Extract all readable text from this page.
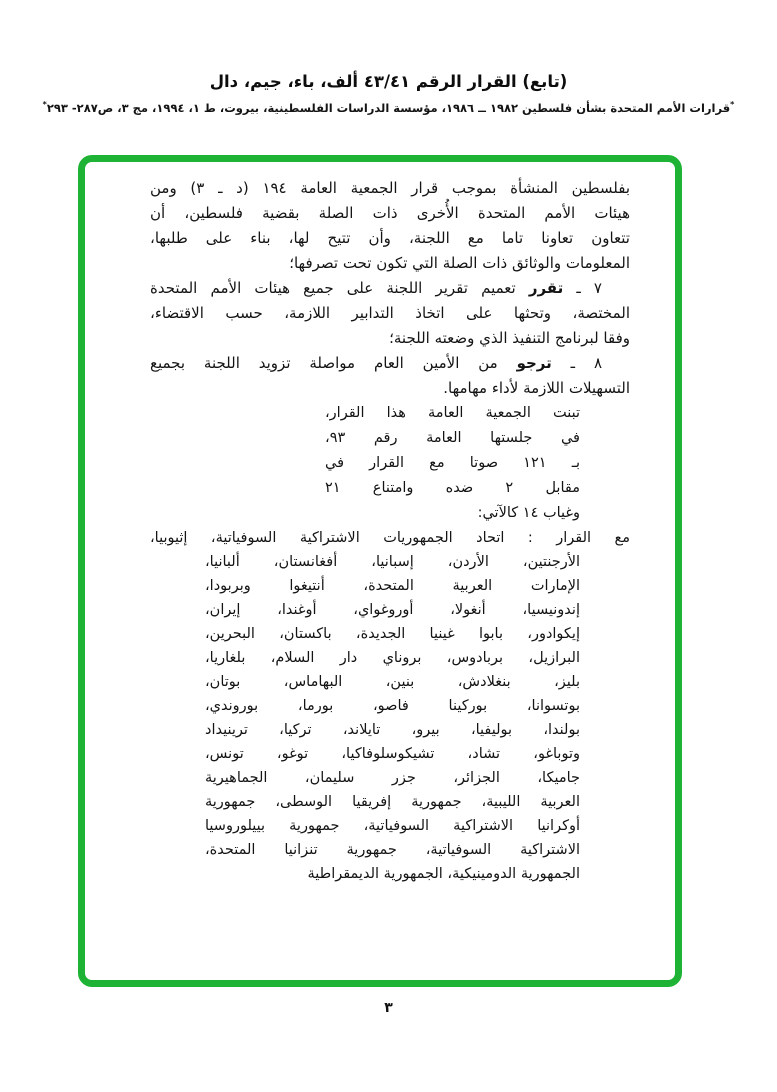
(تابع) القرار الرقم ٤٣/٤١ ألف، باء، جيم، دال
*قرارات الأمم المتحدة بشأن فلسطين ١٩٨٢ ــ ١٩٨٦، مؤسسة الدراسات الفلسطينية، بيروت، ط ١، ١٩٩٤، مج ٣، ص٢٨٧- ٢٩٣*
بفلسطين المنشأة بموجب قرار الجمعية العامة ١٩٤ (د ـ ٣) ومن
هيئات الأمم المتحدة الأُخرى ذات الصلة بقضية فلسطين، أن
تتعاون تعاونا تاما مع اللجنة، وأن تتيح لها، بناء على طلبها،
المعلومات والوثائق ذات الصلة التي تكون تحت تصرفها؛
٧ ـ تقرر تعميم تقرير اللجنة على جميع هيئات الأمم المتحدة
المختصة، وتحثها على اتخاذ التدابير اللازمة، حسب الاقتضاء،
وفقا لبرنامج التنفيذ الذي وضعته اللجنة؛
٨ ـ ترجو من الأمين العام مواصلة تزويد اللجنة بجميع
التسهيلات اللازمة لأداء مهامها.
تبنت الجمعية العامة هذا القرار،
في جلستها العامة رقم ٩٣،
بـ ١٢١ صوتا مع القرار في
مقابل ٢ ضده وامتناع ٢١
وغياب ١٤ كالآتي:
مع القرار : اتحاد الجمهوريات الاشتراكية السوفياتية، إثيوبيا،
الأرجنتين، الأردن، إسبانيا، أفغانستان، ألبانيا،
الإمارات العربية المتحدة، أنتيغوا وبربودا،
إندونيسيا، أنغولا، أوروغواي، أوغندا، إيران،
إيكوادور، بابوا غينيا الجديدة، باكستان، البحرين،
البرازيل، بربادوس، بروناي دار السلام، بلغاريا،
بليز، بنغلادش، بنين، البهاماس، بوتان،
بوتسوانا، بوركينا فاصو، بورما، بوروندي،
بولندا، بوليفيا، بيرو، تايلاند، تركيا، ترينيداد
وتوباغو، تشاد، تشيكوسلوفاكيا، توغو، تونس،
جاميكا، الجزائر، جزر سليمان، الجماهيرية
العربية الليبية، جمهورية إفريقيا الوسطى، جمهورية
أوكرانيا الاشتراكية السوفياتية، جمهورية بييلوروسيا
الاشتراكية السوفياتية، جمهورية تنزانيا المتحدة،
الجمهورية الدومينيكية، الجمهورية الديمقراطية
٣
